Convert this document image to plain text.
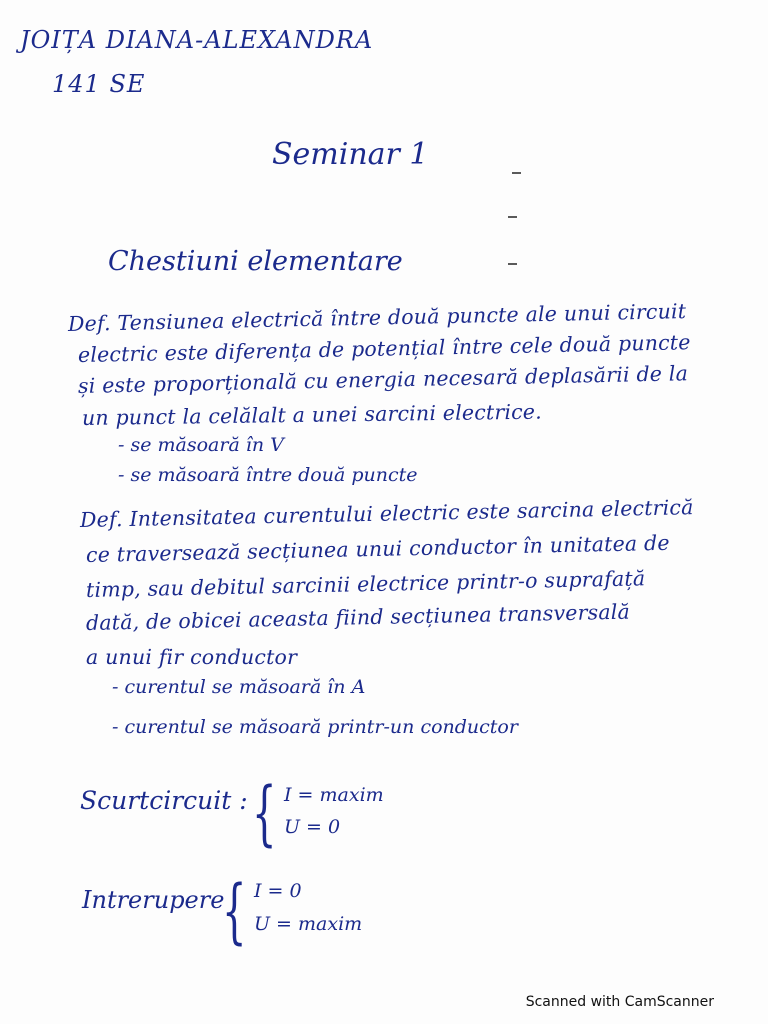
JOIȚA DIANA-ALEXANDRA
141 SE
Seminar 1
Chestiuni elementare
Def. Tensiunea electrică între două puncte ale unui circuit
electric este diferența de potențial între cele două puncte
și este proporțională cu energia necesară deplasării de la
un punct la celălalt a unei sarcini electrice.
- se măsoară în V
- se măsoară între două puncte
Def. Intensitatea curentului electric este sarcina electrică
ce traversează secțiunea unui conductor în unitatea de
timp, sau debitul sarcinii electrice printr-o suprafață
dată, de obicei aceasta fiind secțiunea transversală
a unui fir conductor
- curentul se măsoară în A
- curentul se măsoară printr-un conductor
Scurtcircuit : { I = maxim
U = 0
Intrerupere
{ I = 0
U = maxim
Scanned with CamScanner
